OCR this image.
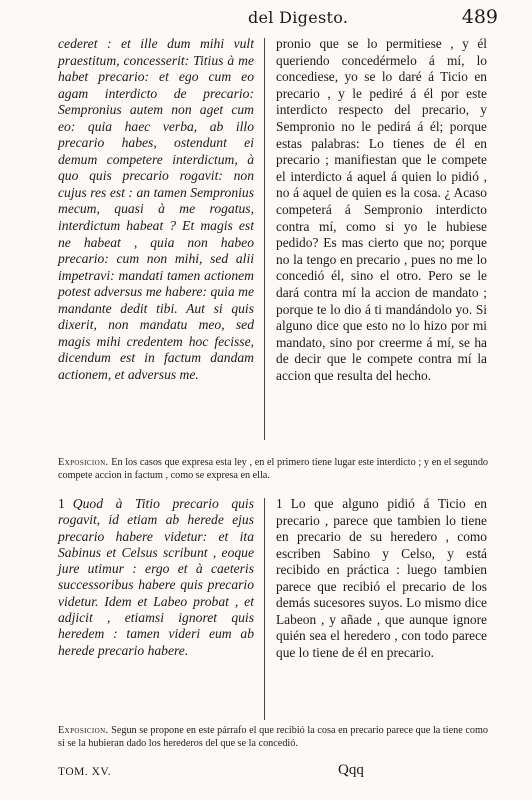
del Digesto.	489

cederet : et ille dum mihi vult praestitum, concesserit: Titius à me habet precario: et ego cum eo agam interdicto de precario: Sempronius autem non aget cum eo: quia haec verba, ab illo precario habes, ostendunt ei demum competere interdictum, à quo quis precario rogavit: non cujus res est : an tamen Sempronius mecum, quasi à me rogatus, interdictum habeat ? Et magis est ne habeat , quia non habeo precario: cum non mihi, sed alii impetravi: mandati tamen actionem potest adversus me habere: quia me mandante dedit tibi. Aut si quis dixerit, non mandatu meo, sed magis mihi credentem hoc fecisse, dicendum est in factum dandam actionem, et adversus me.

pronio que se lo permitiese , y él queriendo concedérmelo á mí, lo concediese, yo se lo daré á Ticio en precario , y le pediré á él por este interdicto respecto del precario, y Sempronio no le pedirá á él; porque estas palabras: Lo tienes de él en precario ; manifiestan que le compete el interdicto á aquel á quien lo pidió , no á aquel de quien es la cosa. ¿ Acaso competerá á Sempronio interdicto contra mí, como si yo le hubiese pedido? Es mas cierto que no; porque no la tengo en precario , pues no me lo concedió él, sino el otro. Pero se le dará contra mí la accion de mandato ; porque te lo dio á ti mandándolo yo. Si alguno dice que esto no lo hizo por mi mandato, sino por creerme á mí, se ha de decir que le compete contra mí la accion que resulta del hecho.

Exposicion. En los casos que expresa esta ley , en el primero tiene lugar este interdicto ; y en el segundo compete accion in factum , como se expresa en ella.

1 Quod à Titio precario quis rogavit, id etiam ab herede ejus precario habere videtur: et ita Sabinus et Celsus scribunt , eoque jure utimur : ergo et à caeteris successoribus habere quis precario videtur. Idem et Labeo probat , et adjicit , etiamsi ignoret quis heredem : tamen videri eum ab herede precario habere.

1 Lo que alguno pidió á Ticio en precario , parece que tambien lo tiene en precario de su heredero , como escriben Sabino y Celso, y está recibido en práctica : luego tambien parece que recibió el precario de los demás sucesores suyos. Lo mismo dice Labeon , y añade , que aunque ignore quién sea el heredero , con todo parece que lo tiene de él en precario.

Exposicion. Segun se propone en este párrafo el que recibió la cosa en precario parece que la tiene como si se la hubieran dado los herederos del que se la concedió.
TOM. XV.	Qqq
